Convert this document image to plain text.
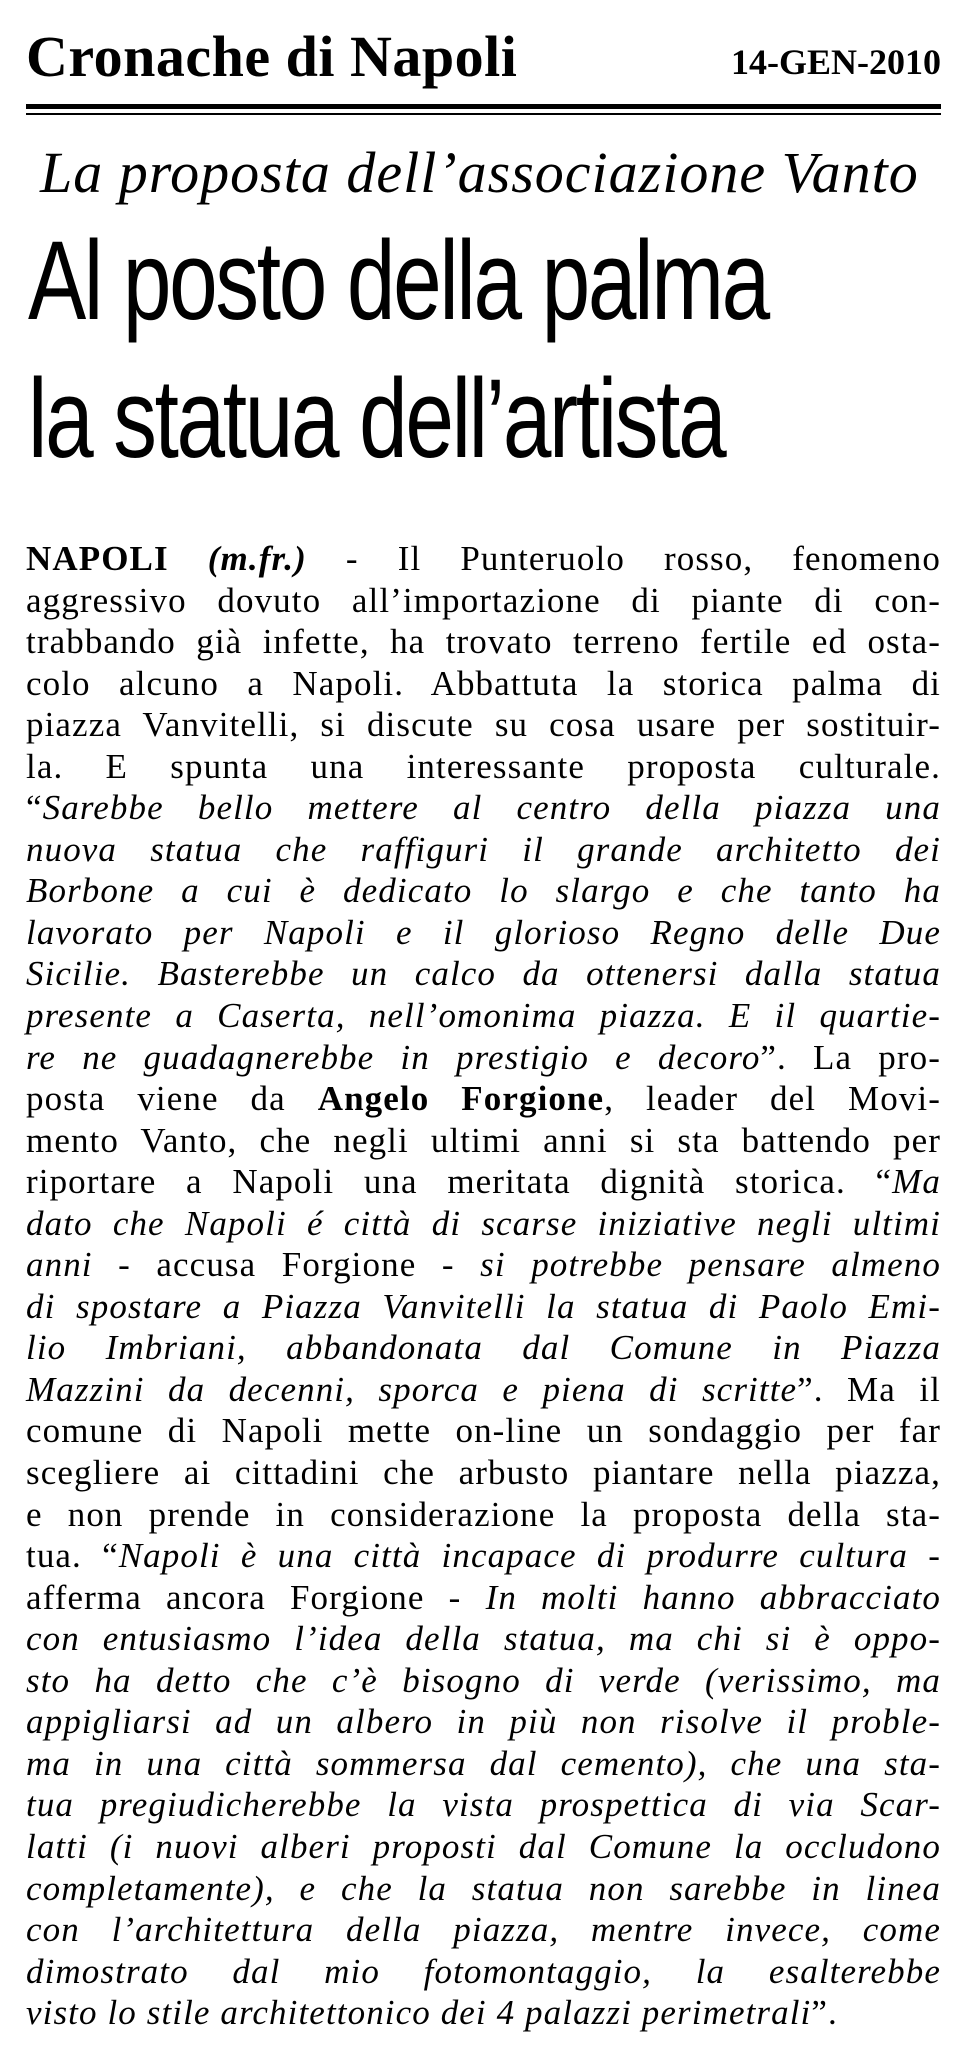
Cronache di Napoli	14-GEN-2010
La proposta dell’associazione Vanto
Al posto della palma
la statua dell’artista
NAPOLI (m.fr.) - Il Punteruolo rosso, fenomeno
aggressivo dovuto all’importazione di piante di con-
trabbando già infette, ha trovato terreno fertile ed osta-
colo alcuno a Napoli. Abbattuta la storica palma di
piazza Vanvitelli, si discute su cosa usare per sostituir-
la. E spunta una interessante proposta culturale.
“Sarebbe bello mettere al centro della piazza una
nuova statua che raffiguri il grande architetto dei
Borbone a cui è dedicato lo slargo e che tanto ha
lavorato per Napoli e il glorioso Regno delle Due
Sicilie. Basterebbe un calco da ottenersi dalla statua
presente a Caserta, nell’omonima piazza. E il quartie-
re ne guadagnerebbe in prestigio e decoro”. La pro-
posta viene da Angelo Forgione, leader del Movi-
mento Vanto, che negli ultimi anni si sta battendo per
riportare a Napoli una meritata dignità storica. “Ma
dato che Napoli é città di scarse iniziative negli ultimi
anni - accusa Forgione - si potrebbe pensare almeno
di spostare a Piazza Vanvitelli la statua di Paolo Emi-
lio Imbriani, abbandonata dal Comune in Piazza
Mazzini da decenni, sporca e piena di scritte”. Ma il
comune di Napoli mette on-line un sondaggio per far
scegliere ai cittadini che arbusto piantare nella piazza,
e non prende in considerazione la proposta della sta-
tua. “Napoli è una città incapace di produrre cultura -
afferma ancora Forgione - In molti hanno abbracciato
con entusiasmo l’idea della statua, ma chi si è oppo-
sto ha detto che c’è bisogno di verde (verissimo, ma
appigliarsi ad un albero in più non risolve il proble-
ma in una città sommersa dal cemento), che una sta-
tua pregiudicherebbe la vista prospettica di via Scar-
latti (i nuovi alberi proposti dal Comune la occludono
completamente), e che la statua non sarebbe in linea
con l’architettura della piazza, mentre invece, come
dimostrato dal mio fotomontaggio, la esalterebbe
visto lo stile architettonico dei 4 palazzi perimetrali”.
